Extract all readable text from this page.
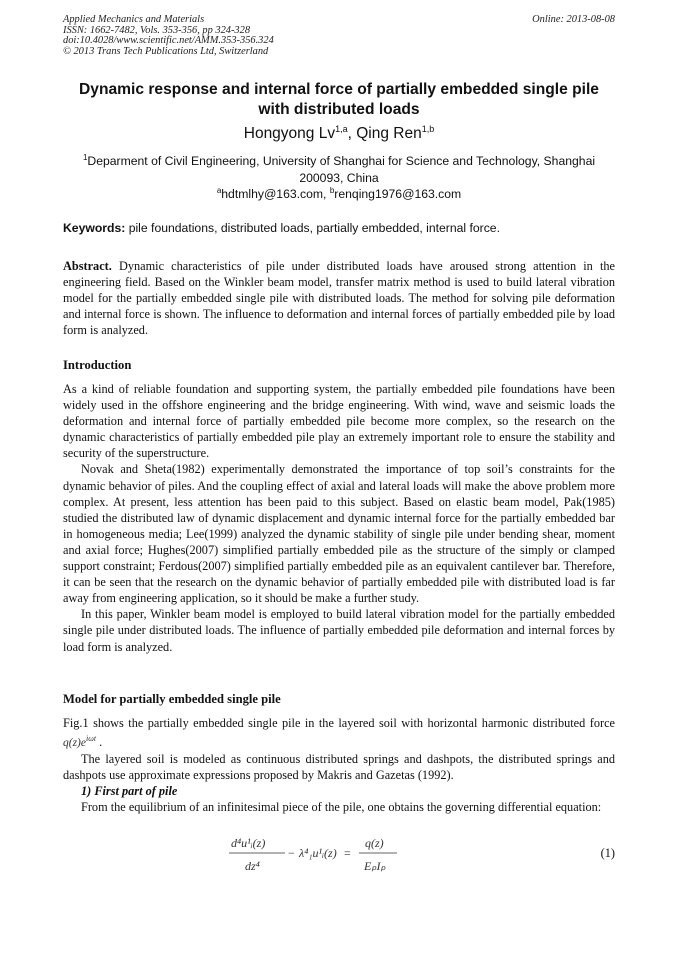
Applied Mechanics and Materials
ISSN: 1662-7482, Vols. 353-356, pp 324-328
doi:10.4028/www.scientific.net/AMM.353-356.324
© 2013 Trans Tech Publications Ltd, Switzerland
Online: 2013-08-08
Dynamic response and internal force of partially embedded single pile with distributed loads
Hongyong Lv$^{1,a}$, Qing Ren$^{1,b}$
$^1$Deparment of Civil Engineering, University of Shanghai for Science and Technology, Shanghai 200093, China
$^a$hdtmlhy@163.com, $^b$renqing1976@163.com
Keywords: pile foundations, distributed loads, partially embedded, internal force.
Abstract. Dynamic characteristics of pile under distributed loads have aroused strong attention in the engineering field. Based on the Winkler beam model, transfer matrix method is used to build lateral vibration model for the partially embedded single pile with distributed loads. The method for solving pile deformation and internal force is shown. The influence to deformation and internal forces of partially embedded pile by load form is analyzed.
Introduction
As a kind of reliable foundation and supporting system, the partially embedded pile foundations have been widely used in the offshore engineering and the bridge engineering. With wind, wave and seismic loads the deformation and internal force of partially embedded pile become more complex, so the research on the dynamic characteristics of partially embedded pile play an extremely important role to ensure the stability and security of the superstructure.
Novak and Sheta(1982) experimentally demonstrated the importance of top soil’s constraints for the dynamic behavior of piles. And the coupling effect of axial and lateral loads will make the above problem more complex. At present, less attention has been paid to this subject. Based on elastic beam model, Pak(1985) studied the distributed law of dynamic displacement and dynamic internal force for the partially embedded bar in homogeneous media; Lee(1999) analyzed the dynamic stability of single pile under bending shear, moment and axial force; Hughes(2007) simplified partially embedded pile as the structure of the simply or clamped support constraint; Ferdous(2007) simplified partially embedded pile as an equivalent cantilever bar. Therefore, it can be seen that the research on the dynamic behavior of partially embedded pile with distributed load is far away from engineering application, so it should be make a further study.
In this paper, Winkler beam model is employed to build lateral vibration model for the partially embedded single pile under distributed loads. The influence of partially embedded pile deformation and internal forces by load form is analyzed.
Model for partially embedded single pile
Fig.1 shows the partially embedded single pile in the layered soil with horizontal harmonic distributed force $q(z)e^{i\omega t}$ .
The layered soil is modeled as continuous distributed springs and dashpots, the distributed springs and dashpots use approximate expressions proposed by Makris and Gazetas (1992).
1) First part of pile
From the equilibrium of an infinitesimal piece of the pile, one obtains the governing differential equation:
d⁴u¹ᵢ(z)
dz⁴
− λ⁴₁u¹ᵢ(z) =
q(z)
EₚIₚ
(1)
